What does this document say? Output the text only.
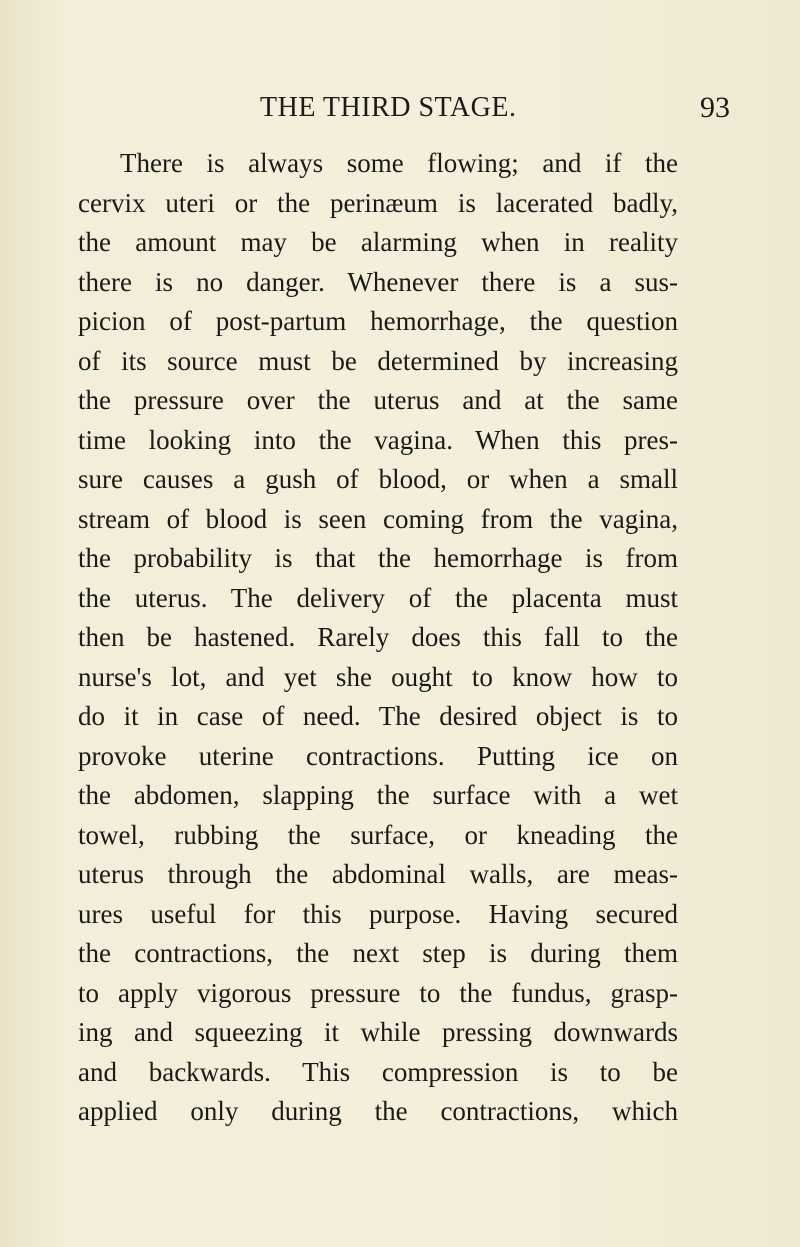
THE THIRD STAGE.	93
There is always some flowing; and if the
cervix uteri or the perinæum is lacerated badly,
the amount may be alarming when in reality
there is no danger. Whenever there is a sus-
picion of post-partum hemorrhage, the question
of its source must be determined by increasing
the pressure over the uterus and at the same
time looking into the vagina. When this pres-
sure causes a gush of blood, or when a small
stream of blood is seen coming from the vagina,
the probability is that the hemorrhage is from
the uterus. The delivery of the placenta must
then be hastened. Rarely does this fall to the
nurse's lot, and yet she ought to know how to
do it in case of need. The desired object is to
provoke uterine contractions. Putting ice on
the abdomen, slapping the surface with a wet
towel, rubbing the surface, or kneading the
uterus through the abdominal walls, are meas-
ures useful for this purpose. Having secured
the contractions, the next step is during them
to apply vigorous pressure to the fundus, grasp-
ing and squeezing it while pressing downwards
and backwards. This compression is to be
applied only during the contractions, which
